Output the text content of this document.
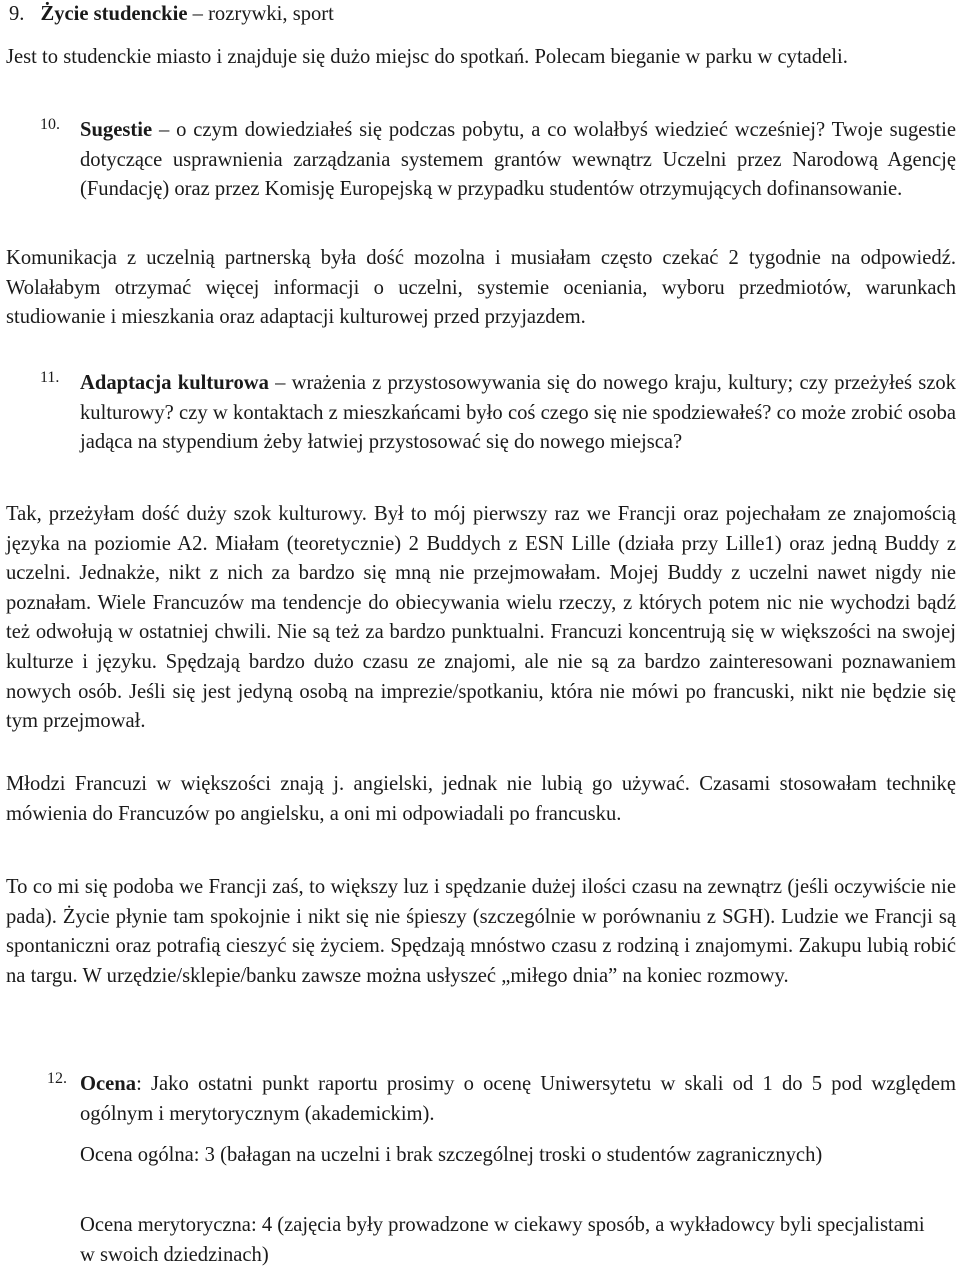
9. Życie studenckie – rozrywki, sport

Jest to studenckie miasto i znajduje się dużo miejsc do spotkań. Polecam bieganie w parku w cytadeli.

10. Sugestie – o czym dowiedziałeś się podczas pobytu, a co wolałbyś wiedzieć wcześniej? Twoje sugestie dotyczące usprawnienia zarządzania systemem grantów wewnątrz Uczelni przez Narodową Agencję (Fundację) oraz przez Komisję Europejską w przypadku studentów otrzymujących dofinansowanie.

Komunikacja z uczelnią partnerską była dość mozolna i musiałam często czekać 2 tygodnie na odpowiedź. Wolałabym otrzymać więcej informacji o uczelni, systemie oceniania, wyboru przedmiotów, warunkach studiowanie i mieszkania oraz adaptacji kulturowej przed przyjazdem.

11. Adaptacja kulturowa – wrażenia z przystosowywania się do nowego kraju, kultury; czy przeżyłeś szok kulturowy? czy w kontaktach z mieszkańcami było coś czego się nie spodziewałeś? co może zrobić osoba jadąca na stypendium żeby łatwiej przystosować się do nowego miejsca?

Tak, przeżyłam dość duży szok kulturowy. Był to mój pierwszy raz we Francji oraz pojechałam ze znajomością języka na poziomie A2. Miałam (teoretycznie) 2 Buddych z ESN Lille (działa przy Lille1) oraz jedną Buddy z uczelni. Jednakże, nikt z nich za bardzo się mną nie przejmowałam. Mojej Buddy z uczelni nawet nigdy nie poznałam. Wiele Francuzów ma tendencje do obiecywania wielu rzeczy, z których potem nic nie wychodzi bądź też odwołują w ostatniej chwili. Nie są też za bardzo punktualni. Francuzi koncentrują się w większości na swojej kulturze i języku. Spędzają bardzo dużo czasu ze znajomi, ale nie są za bardzo zainteresowani poznawaniem nowych osób. Jeśli się jest jedyną osobą na imprezie/spotkaniu, która nie mówi po francuski, nikt nie będzie się tym przejmował.

Młodzi Francuzi w większości znają j. angielski, jednak nie lubią go używać. Czasami stosowałam technikę mówienia do Francuzów po angielsku, a oni mi odpowiadali po francusku.

To co mi się podoba we Francji zaś, to większy luz i spędzanie dużej ilości czasu na zewnątrz (jeśli oczywiście nie pada). Życie płynie tam spokojnie i nikt się nie śpieszy (szczególnie w porównaniu z SGH). Ludzie we Francji są spontaniczni oraz potrafią cieszyć się życiem. Spędzają mnóstwo czasu z rodziną i znajomymi. Zakupu lubią robić na targu. W urzędzie/sklepie/banku zawsze można usłyszeć „miłego dnia” na koniec rozmowy.

12. Ocena: Jako ostatni punkt raportu prosimy o ocenę Uniwersytetu w skali od 1 do 5 pod względem ogólnym i merytorycznym (akademickim).

Ocena ogólna: 3 (bałagan na uczelni i brak szczególnej troski o studentów zagranicznych)

Ocena merytoryczna: 4 (zajęcia były prowadzone w ciekawy sposób, a wykładowcy byli specjalistami w swoich dziedzinach)
